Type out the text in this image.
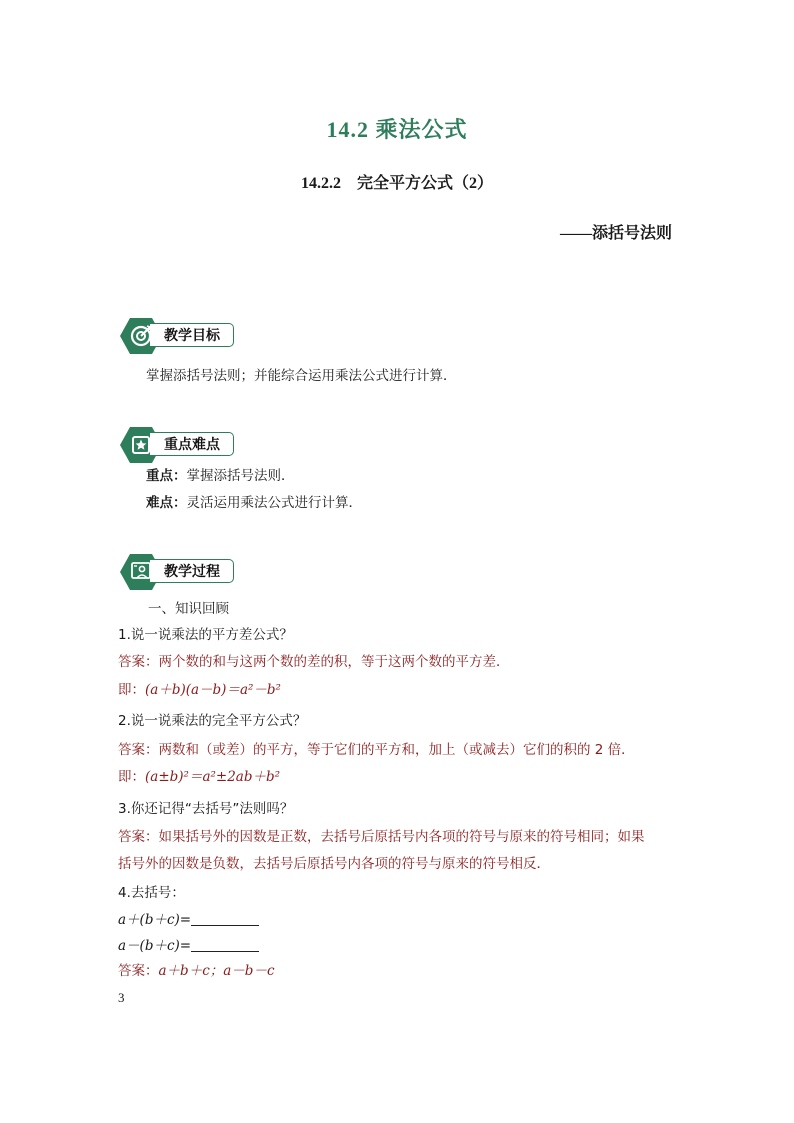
14.2 乘法公式
14.2.2　完全平方公式（2）
——添括号法则
教学目标
掌握添括号法则；并能综合运用乘法公式进行计算．
重点难点
重点：掌握添括号法则．
难点：灵活运用乘法公式进行计算．
教学过程
一、知识回顾
1.说一说乘法的平方差公式？
答案：两个数的和与这两个数的差的积，等于这两个数的平方差．
即：(a＋b)(a－b)＝a²－b²
2.说一说乘法的完全平方公式？
答案：两数和（或差）的平方，等于它们的平方和，加上（或减去）它们的积的 2 倍．
即：(a±b)²＝a²±2ab＋b²
3.你还记得“去括号”法则吗？
答案：如果括号外的因数是正数，去括号后原括号内各项的符号与原来的符号相同；如果
括号外的因数是负数，去括号后原括号内各项的符号与原来的符号相反．
4.去括号：
a＋(b＋c)=
a－(b＋c)=
答案：a＋b＋c；a－b－c
3
